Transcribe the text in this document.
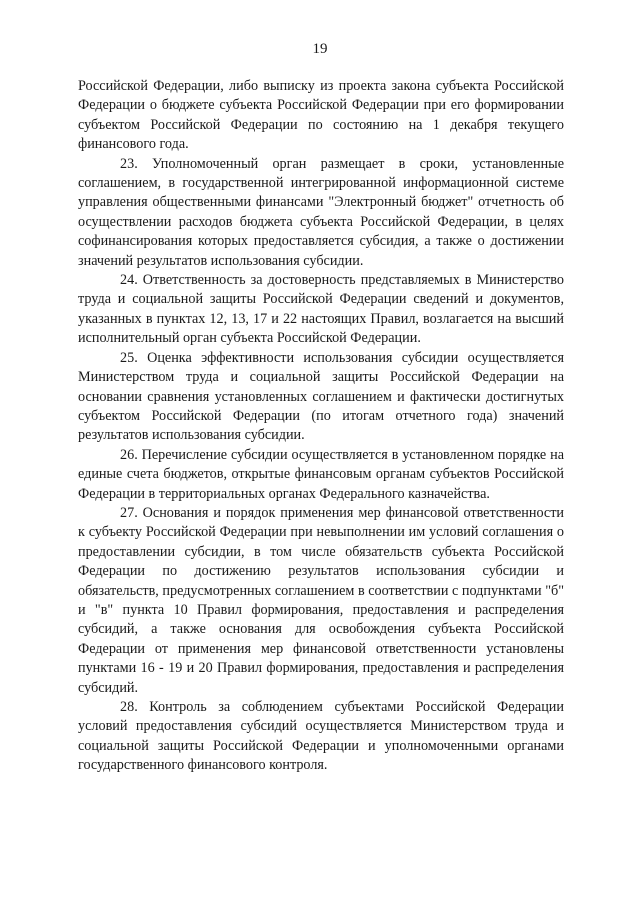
19

Российской Федерации, либо выписку из проекта закона субъекта Российской Федерации о бюджете субъекта Российской Федерации при его формировании субъектом Российской Федерации по состоянию на 1 декабря текущего финансового года.

23. Уполномоченный орган размещает в сроки, установленные соглашением, в государственной интегрированной информационной системе управления общественными финансами "Электронный бюджет" отчетность об осуществлении расходов бюджета субъекта Российской Федерации, в целях софинансирования которых предоставляется субсидия, а также о достижении значений результатов использования субсидии.

24. Ответственность за достоверность представляемых в Министерство труда и социальной защиты Российской Федерации сведений и документов, указанных в пунктах 12, 13, 17 и 22 настоящих Правил, возлагается на высший исполнительный орган субъекта Российской Федерации.

25. Оценка эффективности использования субсидии осуществляется Министерством труда и социальной защиты Российской Федерации на основании сравнения установленных соглашением и фактически достигнутых субъектом Российской Федерации (по итогам отчетного года) значений результатов использования субсидии.

26. Перечисление субсидии осуществляется в установленном порядке на единые счета бюджетов, открытые финансовым органам субъектов Российской Федерации в территориальных органах Федерального казначейства.

27. Основания и порядок применения мер финансовой ответственности к субъекту Российской Федерации при невыполнении им условий соглашения о предоставлении субсидии, в том числе обязательств субъекта Российской Федерации по достижению результатов использования субсидии и обязательств, предусмотренных соглашением в соответствии с подпунктами "б" и "в" пункта 10 Правил формирования, предоставления и распределения субсидий, а также основания для освобождения субъекта Российской Федерации от применения мер финансовой ответственности установлены пунктами 16 - 19 и 20 Правил формирования, предоставления и распределения субсидий.

28. Контроль за соблюдением субъектами Российской Федерации условий предоставления субсидий осуществляется Министерством труда и социальной защиты Российской Федерации и уполномоченными органами государственного финансового контроля.
